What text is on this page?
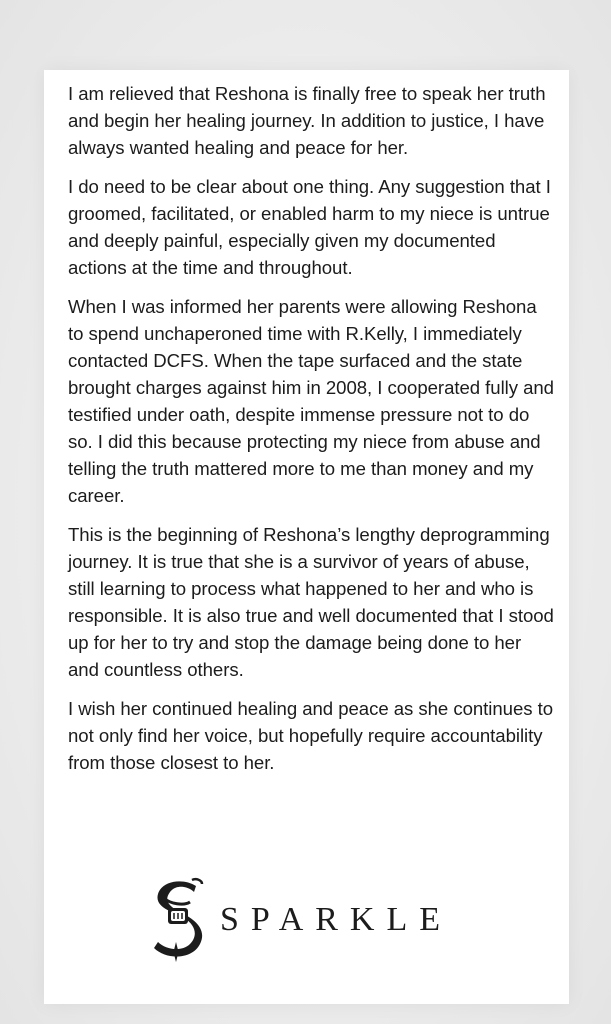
I am relieved that Reshona is finally free to speak her truth and begin her healing journey. In addition to justice, I have always wanted healing and peace for her.

I do need to be clear about one thing. Any suggestion that I groomed, facilitated, or enabled harm to my niece is untrue and deeply painful, especially given my documented actions at the time and throughout.

When I was informed her parents were allowing Reshona to spend unchaperoned time with R.Kelly, I immediately contacted DCFS. When the tape surfaced and the state brought charges against him in 2008, I cooperated fully and testified under oath, despite immense pressure not to do so. I did this because protecting my niece from abuse and telling the truth mattered more to me than money and my career.

This is the beginning of Reshona’s lengthy deprogramming journey. It is true that she is a survivor of years of abuse, still learning to process what happened to her and who is responsible. It is also true and well documented that I stood up for her to try and stop the damage being done to her and countless others.

I wish her continued healing and peace as she continues to not only find her voice, but hopefully require accountability from those closest to her.

SPARKLE
